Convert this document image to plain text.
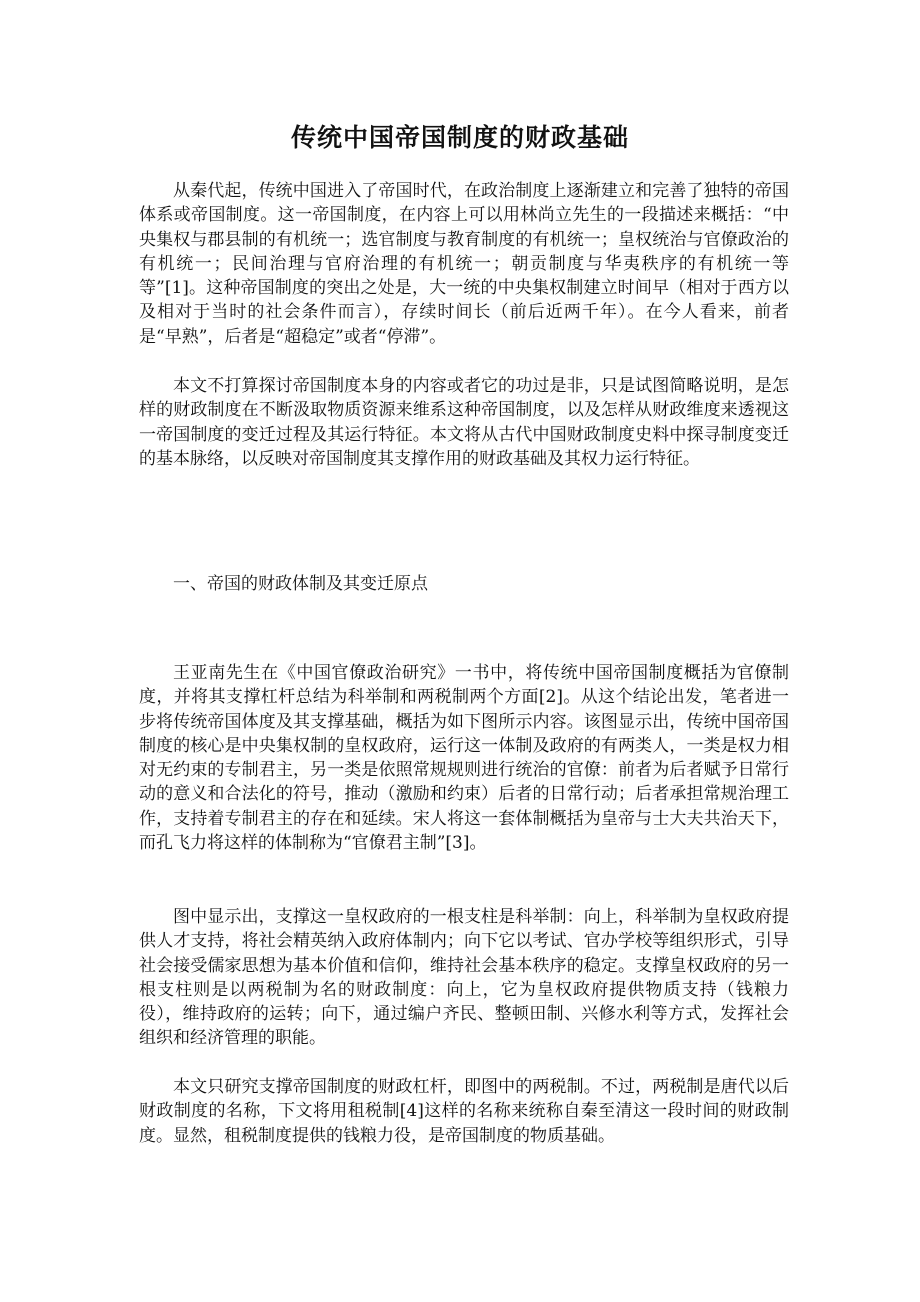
传统中国帝国制度的财政基础

从秦代起，传统中国进入了帝国时代，在政治制度上逐渐建立和完善了独特的帝国体系或帝国制度。这一帝国制度，在内容上可以用林尚立先生的一段描述来概括：“中央集权与郡县制的有机统一；选官制度与教育制度的有机统一；皇权统治与官僚政治的有机统一；民间治理与官府治理的有机统一；朝贡制度与华夷秩序的有机统一等等”[1]。这种帝国制度的突出之处是，大一统的中央集权制建立时间早（相对于西方以及相对于当时的社会条件而言），存续时间长（前后近两千年）。在今人看来，前者是“早熟”，后者是“超稳定”或者“停滞”。

本文不打算探讨帝国制度本身的内容或者它的功过是非，只是试图简略说明，是怎样的财政制度在不断汲取物质资源来维系这种帝国制度，以及怎样从财政维度来透视这一帝国制度的变迁过程及其运行特征。本文将从古代中国财政制度史料中探寻制度变迁的基本脉络，以反映对帝国制度其支撑作用的财政基础及其权力运行特征。

一、帝国的财政体制及其变迁原点

王亚南先生在《中国官僚政治研究》一书中，将传统中国帝国制度概括为官僚制度，并将其支撑杠杆总结为科举制和两税制两个方面[2]。从这个结论出发，笔者进一步将传统帝国体度及其支撑基础，概括为如下图所示内容。该图显示出，传统中国帝国制度的核心是中央集权制的皇权政府，运行这一体制及政府的有两类人，一类是权力相对无约束的专制君主，另一类是依照常规规则进行统治的官僚：前者为后者赋予日常行动的意义和合法化的符号，推动（激励和约束）后者的日常行动；后者承担常规治理工作，支持着专制君主的存在和延续。宋人将这一套体制概括为皇帝与士大夫共治天下，而孔飞力将这样的体制称为“官僚君主制”[3]。

图中显示出，支撑这一皇权政府的一根支柱是科举制：向上，科举制为皇权政府提供人才支持，将社会精英纳入政府体制内；向下它以考试、官办学校等组织形式，引导社会接受儒家思想为基本价值和信仰，维持社会基本秩序的稳定。支撑皇权政府的另一根支柱则是以两税制为名的财政制度：向上，它为皇权政府提供物质支持（钱粮力役），维持政府的运转；向下，通过编户齐民、整顿田制、兴修水利等方式，发挥社会组织和经济管理的职能。

本文只研究支撑帝国制度的财政杠杆，即图中的两税制。不过，两税制是唐代以后财政制度的名称，下文将用租税制[4]这样的名称来统称自秦至清这一段时间的财政制度。显然，租税制度提供的钱粮力役，是帝国制度的物质基础。
